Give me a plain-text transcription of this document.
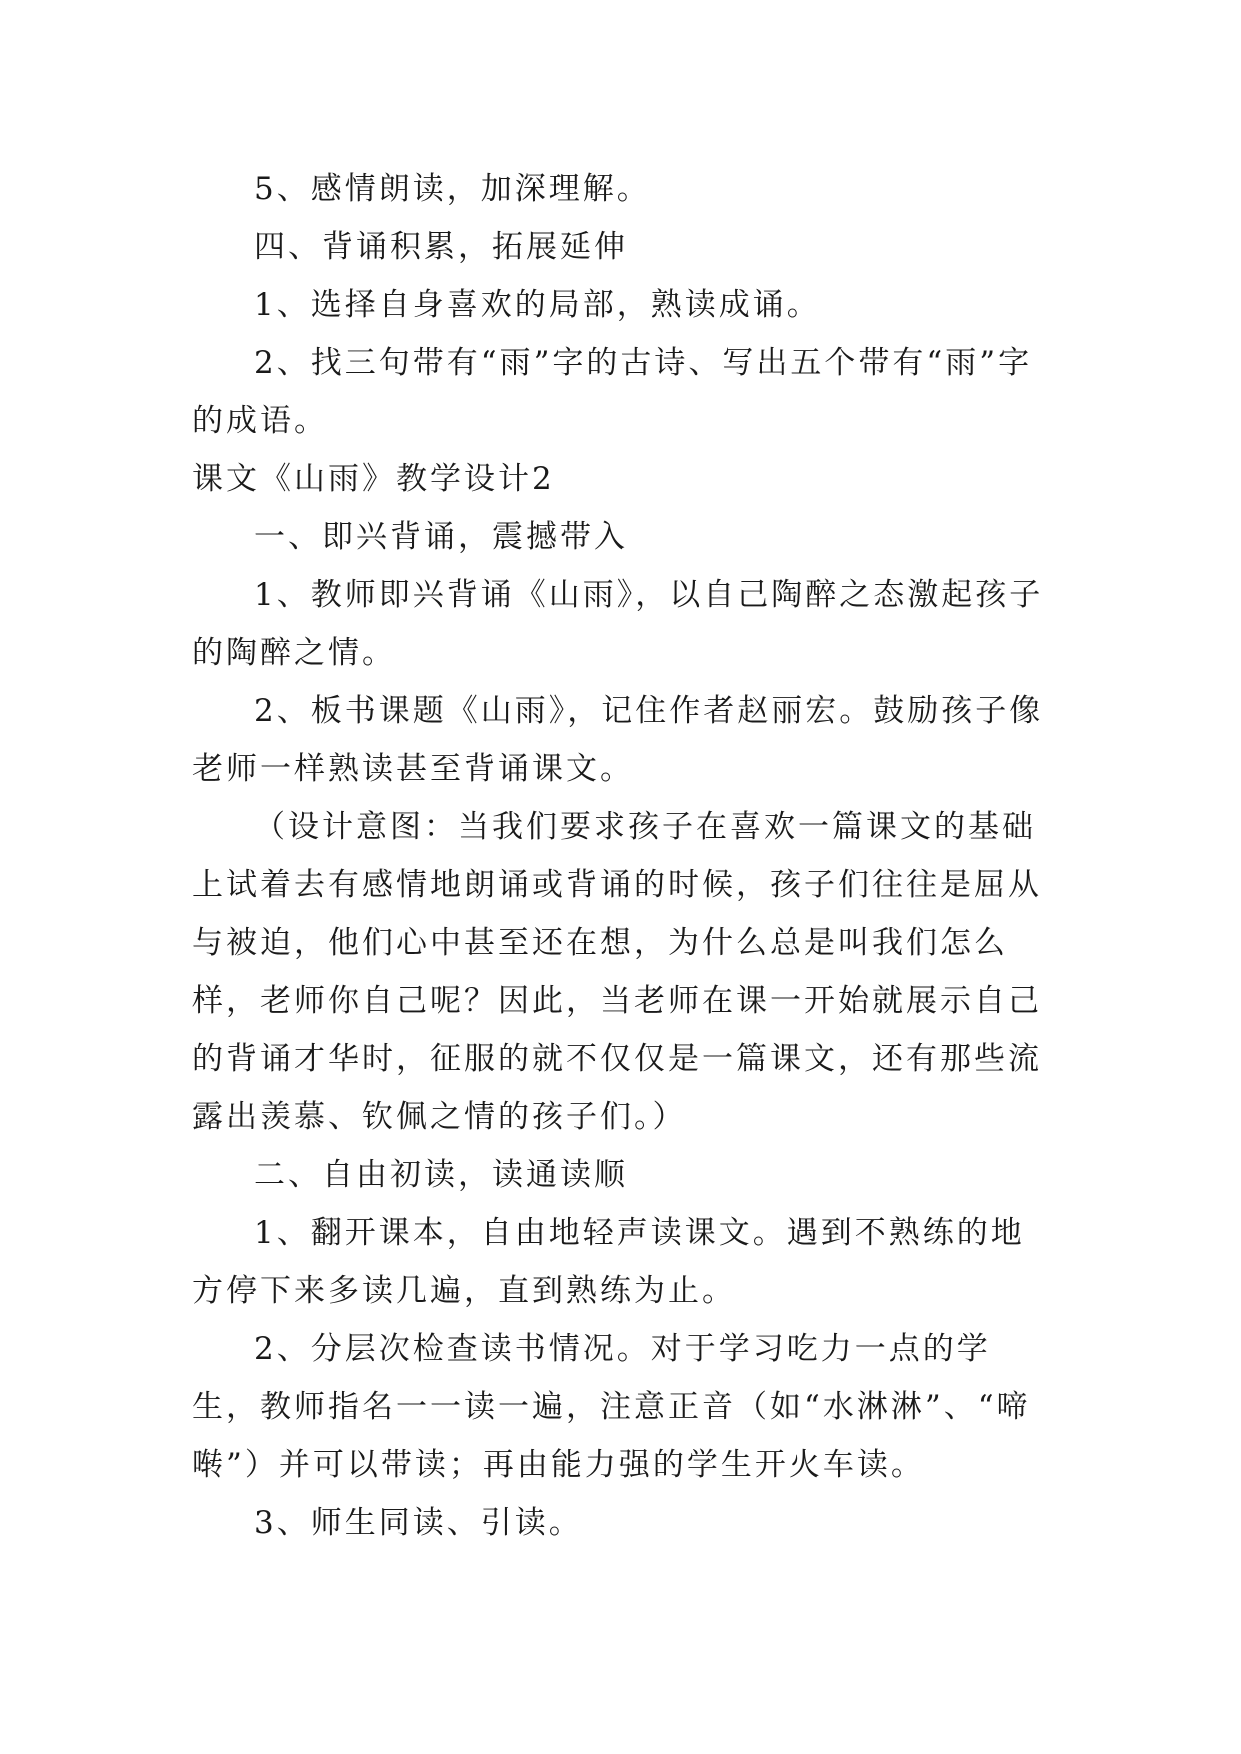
5、感情朗读，加深理解。

四、背诵积累，拓展延伸

1、选择自身喜欢的局部，熟读成诵。

2、找三句带有“雨”字的古诗、写出五个带有“雨”字的成语。

课文《山雨》教学设计2

一、即兴背诵，震撼带入

1、教师即兴背诵《山雨》，以自己陶醉之态激起孩子的陶醉之情。

2、板书课题《山雨》，记住作者赵丽宏。鼓励孩子像老师一样熟读甚至背诵课文。

（设计意图：当我们要求孩子在喜欢一篇课文的基础上试着去有感情地朗诵或背诵的时候，孩子们往往是屈从与被迫，他们心中甚至还在想，为什么总是叫我们怎么样，老师你自己呢？因此，当老师在课一开始就展示自己的背诵才华时，征服的就不仅仅是一篇课文，还有那些流露出羡慕、钦佩之情的孩子们。）

二、自由初读，读通读顺

1、翻开课本，自由地轻声读课文。遇到不熟练的地方停下来多读几遍，直到熟练为止。

2、分层次检查读书情况。对于学习吃力一点的学生，教师指名一一读一遍，注意正音（如“水淋淋”、“啼啭”）并可以带读；再由能力强的学生开火车读。

3、师生同读、引读。
